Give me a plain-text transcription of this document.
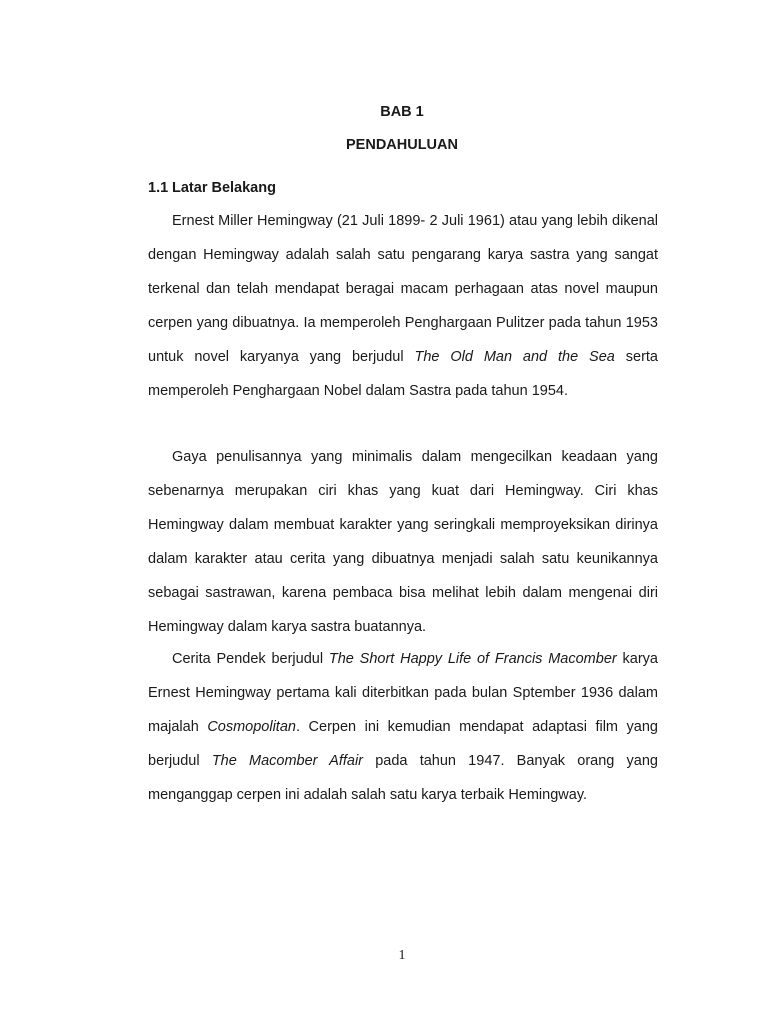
BAB 1
PENDAHULUAN
1.1 Latar Belakang

Ernest Miller Hemingway (21 Juli 1899- 2 Juli 1961) atau yang lebih dikenal dengan Hemingway adalah salah satu pengarang karya sastra yang sangat terkenal dan telah mendapat beragai macam perhagaan atas novel maupun cerpen yang dibuatnya. Ia memperoleh Penghargaan Pulitzer pada tahun 1953 untuk novel karyanya yang berjudul The Old Man and the Sea serta memperoleh Penghargaan Nobel dalam Sastra pada tahun 1954.

Gaya penulisannya yang minimalis dalam mengecilkan keadaan yang sebenarnya merupakan ciri khas yang kuat dari Hemingway. Ciri khas Hemingway dalam membuat karakter yang seringkali memproyeksikan dirinya dalam karakter atau cerita yang dibuatnya menjadi salah satu keunikannya sebagai sastrawan, karena pembaca bisa melihat lebih dalam mengenai diri Hemingway dalam karya sastra buatannya.

Cerita Pendek berjudul The Short Happy Life of Francis Macomber karya Ernest Hemingway pertama kali diterbitkan pada bulan Sptember 1936 dalam majalah Cosmopolitan. Cerpen ini kemudian mendapat adaptasi film yang berjudul The Macomber Affair pada tahun 1947. Banyak orang yang menganggap cerpen ini adalah salah satu karya terbaik Hemingway.

1
